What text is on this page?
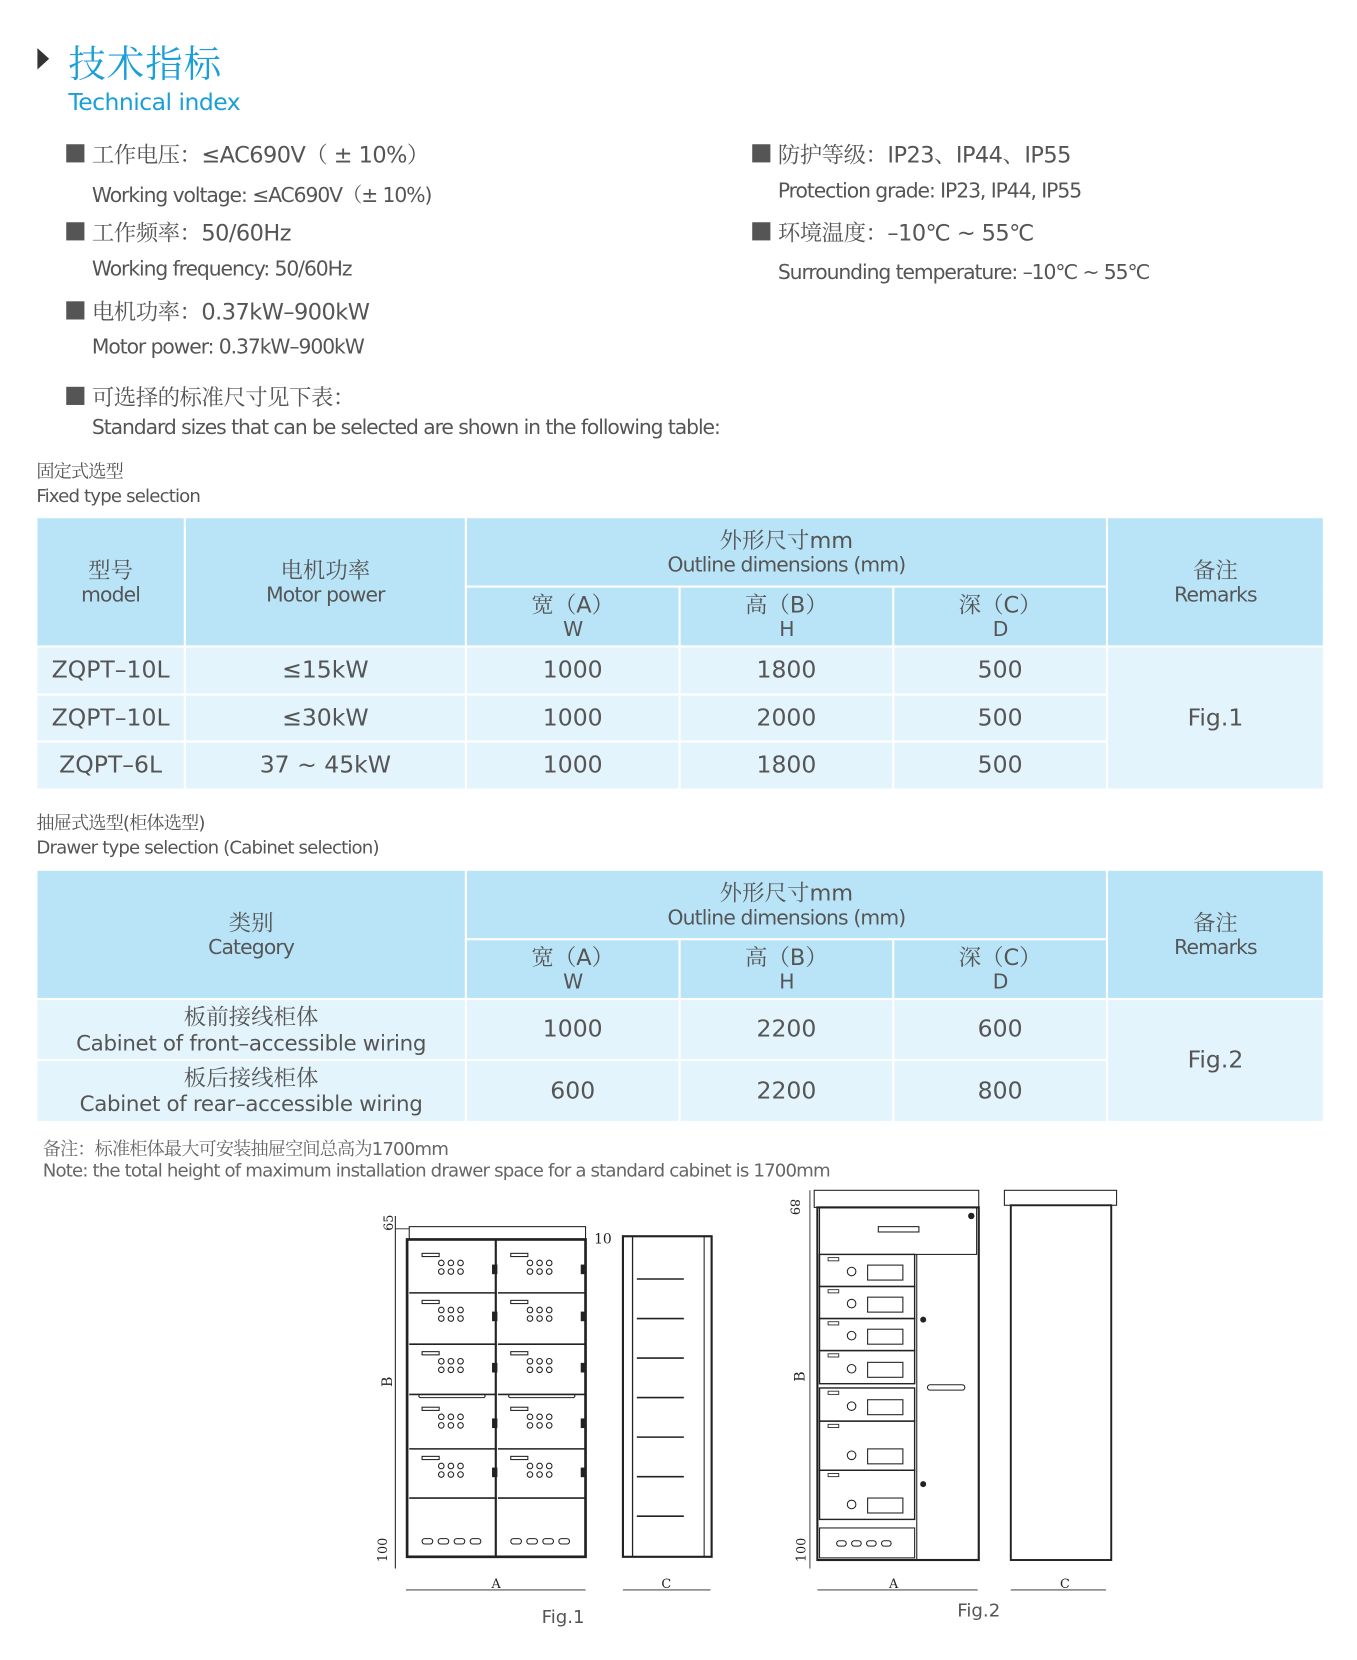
技术指标
Technical index
工作电压：≤AC690V（ ± 10%）
Working voltage: ≤AC690V（± 10%)
工作频率：50/60Hz
Working frequency: 50/60Hz
电机功率：0.37kW–900kW
Motor power: 0.37kW–900kW
可选择的标准尺寸见下表：
Standard sizes that can be selected are shown in the following table:
防护等级：IP23、IP44、IP55
Protection grade: IP23, IP44, IP55
环境温度：–10℃ ~ 55℃
Surrounding temperature: –10℃ ~ 55℃
固定式选型
Fixed type selection
型号
model	电机功率
Motor power	外形尺寸mm
Outline dimensions (mm)			备注
Remarks

		宽（A）
W	高（B）
H	深（C）
D	

ZQPT–10L	≤15kW	1000	1800	500	Fig.1
ZQPT–10L	≤30kW	1000	2000	500	
ZQPT–6L	37 ~ 45kW	1000	1800	500	
抽屉式选型(柜体选型)
Drawer type selection (Cabinet selection)
类别
Category	外形尺寸mm
Outline dimensions (mm)			备注
Remarks

	宽（A）
W	高（B）
H	深（C）
D	

板前接线柜体
Cabinet of front–accessible wiring	1000	2200	600	Fig.2

板后接线柜体
Cabinet of rear–accessible wiring	600	2200	800	
备注：标准柜体最大可安装抽屉空间总高为1700mm
Note: the total height of maximum installation drawer space for a standard cabinet is 1700mm
65
10
B
100
A	C
89
B
100
A	C
Fig.1	Fig.2
